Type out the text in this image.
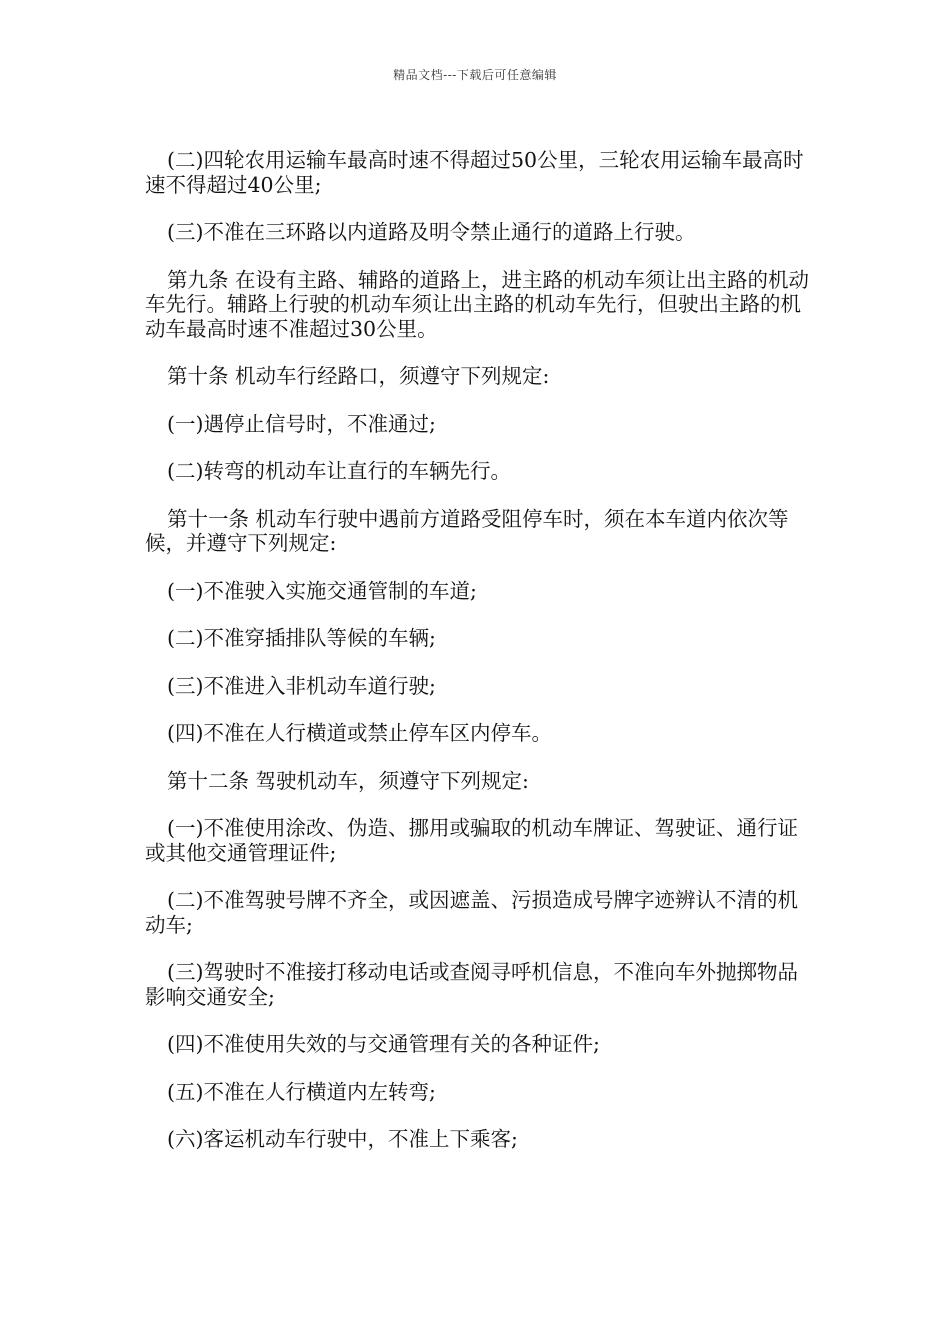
精品文档---下载后可任意编辑

(二)四轮农用运输车最高时速不得超过50公里，三轮农用运输车最高时速不得超过40公里;

(三)不准在三环路以内道路及明令禁止通行的道路上行驶。

第九条 在设有主路、辅路的道路上，进主路的机动车须让出主路的机动车先行。辅路上行驶的机动车须让出主路的机动车先行，但驶出主路的机动车最高时速不准超过30公里。

第十条 机动车行经路口，须遵守下列规定:

(一)遇停止信号时，不准通过;

(二)转弯的机动车让直行的车辆先行。

第十一条 机动车行驶中遇前方道路受阻停车时，须在本车道内依次等候，并遵守下列规定:

(一)不准驶入实施交通管制的车道;

(二)不准穿插排队等候的车辆;

(三)不准进入非机动车道行驶;

(四)不准在人行横道或禁止停车区内停车。

第十二条 驾驶机动车，须遵守下列规定:

(一)不准使用涂改、伪造、挪用或骗取的机动车牌证、驾驶证、通行证或其他交通管理证件;

(二)不准驾驶号牌不齐全，或因遮盖、污损造成号牌字迹辨认不清的机动车;

(三)驾驶时不准接打移动电话或查阅寻呼机信息，不准向车外抛掷物品影响交通安全;

(四)不准使用失效的与交通管理有关的各种证件;

(五)不准在人行横道内左转弯;

(六)客运机动车行驶中，不准上下乘客;
